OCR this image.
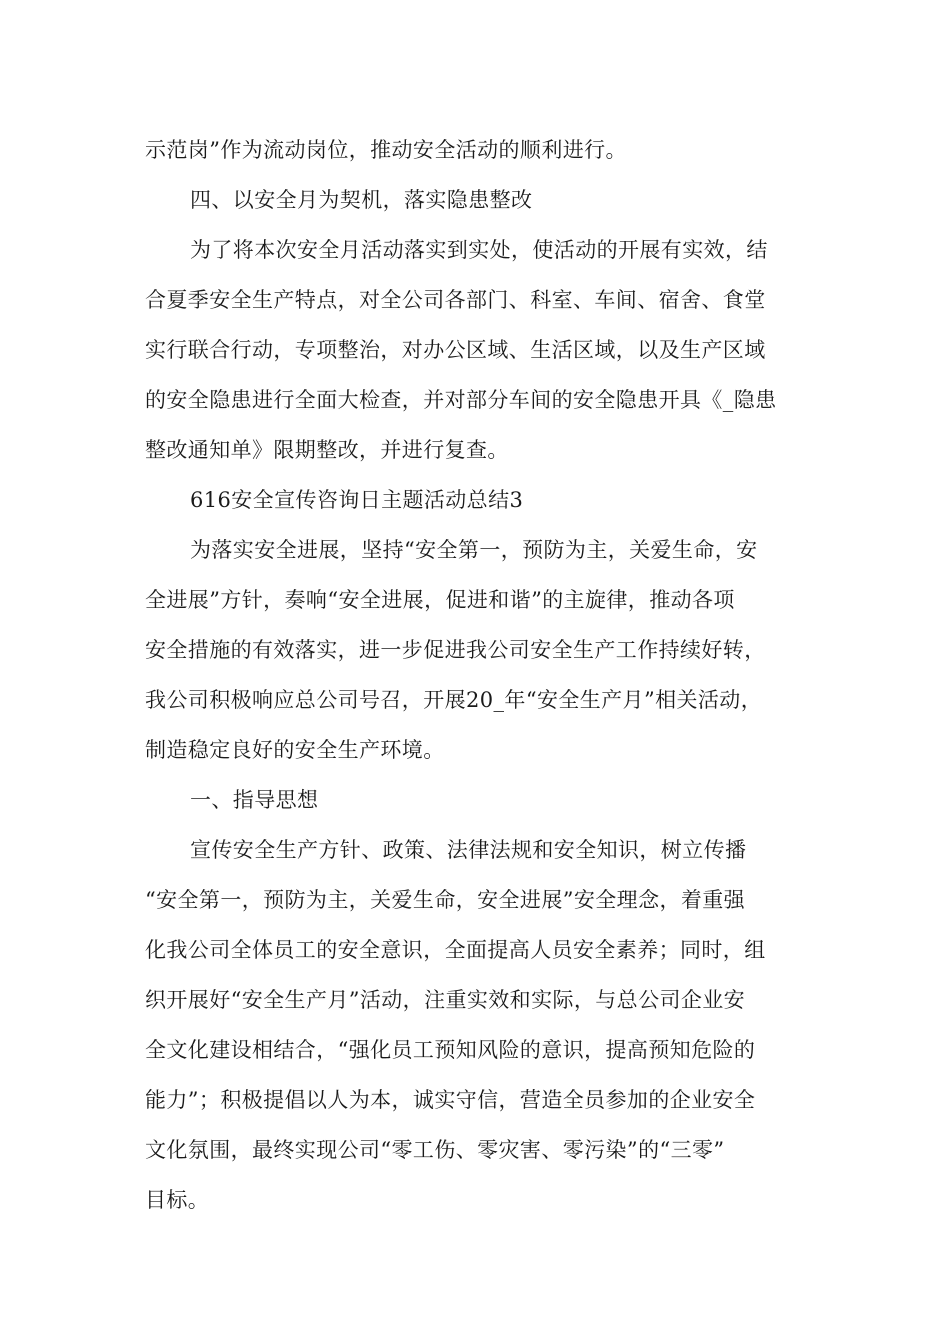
示范岗”作为流动岗位，推动安全活动的顺利进行。
四、以安全月为契机，落实隐患整改
为了将本次安全月活动落实到实处，使活动的开展有实效，结
合夏季安全生产特点，对全公司各部门、科室、车间、宿舍、食堂
实行联合行动，专项整治，对办公区域、生活区域，以及生产区域
的安全隐患进行全面大检查，并对部分车间的安全隐患开具《_隐患
整改通知单》限期整改，并进行复查。
616安全宣传咨询日主题活动总结3
为落实安全进展，坚持“安全第一，预防为主，关爱生命，安
全进展”方针，奏响“安全进展，促进和谐”的主旋律，推动各项
安全措施的有效落实，进一步促进我公司安全生产工作持续好转，
我公司积极响应总公司号召，开展20_年“安全生产月”相关活动，
制造稳定良好的安全生产环境。
一、指导思想
宣传安全生产方针、政策、法律法规和安全知识，树立传播
“安全第一，预防为主，关爱生命，安全进展”安全理念，着重强
化我公司全体员工的安全意识，全面提高人员安全素养；同时，组
织开展好“安全生产月”活动，注重实效和实际，与总公司企业安
全文化建设相结合，“强化员工预知风险的意识，提高预知危险的
能力”；积极提倡以人为本，诚实守信，营造全员参加的企业安全
文化氛围，最终实现公司“零工伤、零灾害、零污染”的“三零”
目标。
